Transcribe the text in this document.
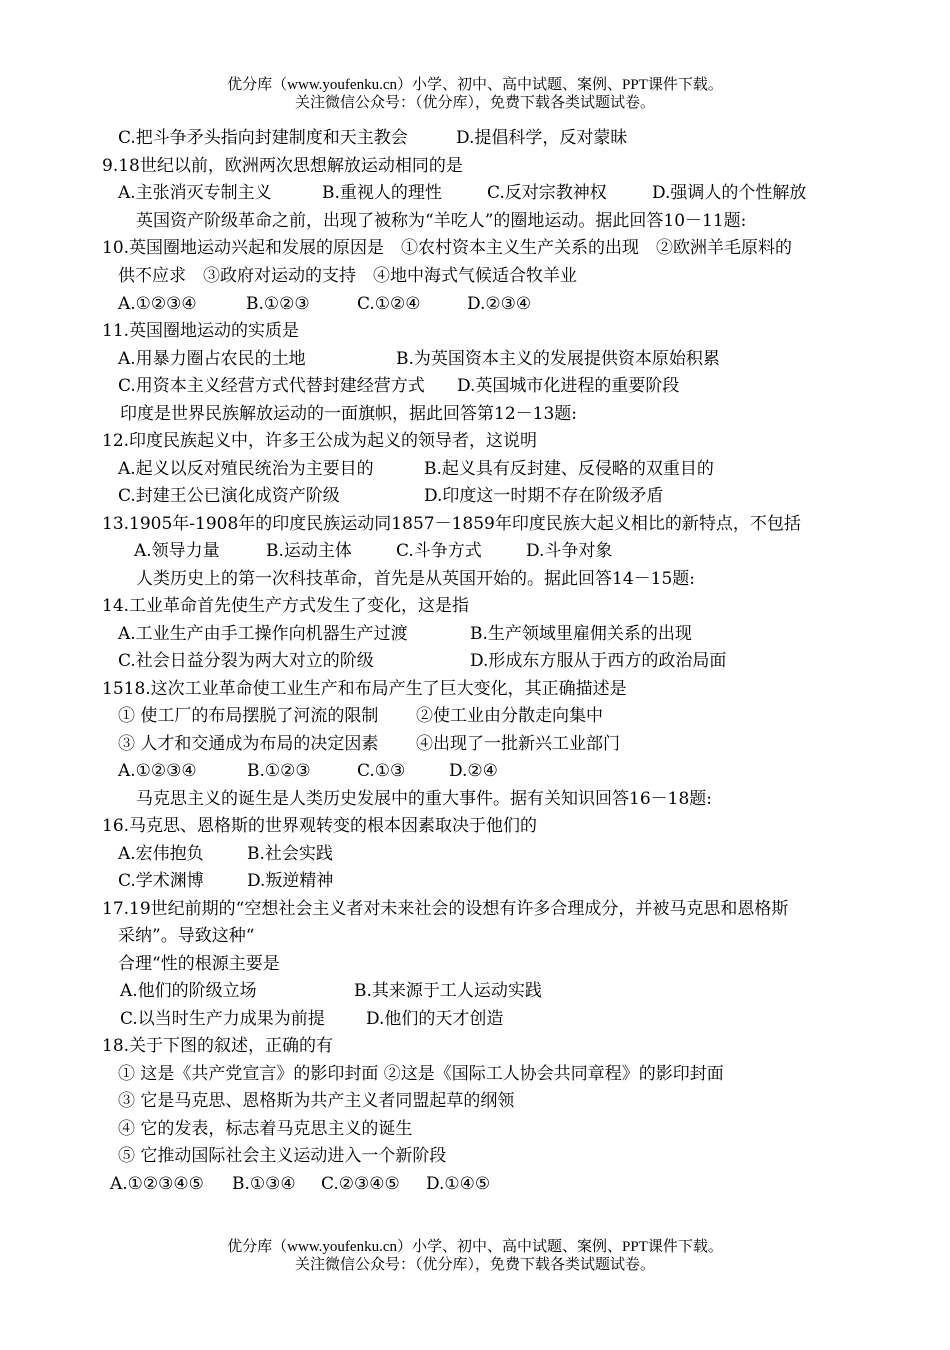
优分库（www.youfenku.cn）小学、初中、高中试题、案例、PPT课件下载。
关注微信公众号：（优分库），免费下载各类试题试卷。
C.把斗争矛头指向封建制度和天主教会	D.提倡科学，反对蒙昧
9.18世纪以前，欧洲两次思想解放运动相同的是
A.主张消灭专制主义	B.重视人的理性	C.反对宗教神权	D.强调人的个性解放
英国资产阶级革命之前，出现了被称为“羊吃人”的圈地运动。据此回答10－11题:
10.英国圈地运动兴起和发展的原因是　①农村资本主义生产关系的出现　②欧洲羊毛原料的
供不应求　③政府对运动的支持　④地中海式气候适合牧羊业
A.①②③④	B.①②③	C.①②④	D.②③④
11.英国圈地运动的实质是
A.用暴力圈占农民的土地	B.为英国资本主义的发展提供资本原始积累
C.用资本主义经营方式代替封建经营方式 D.英国城市化进程的重要阶段
印度是世界民族解放运动的一面旗帜，据此回答第12－13题:
12.印度民族起义中，许多王公成为起义的领导者，这说明
A.起义以反对殖民统治为主要目的	B.起义具有反封建、反侵略的双重目的
C.封建王公已演化成资产阶级	D.印度这一时期不存在阶级矛盾
13.1905年-1908年的印度民族运动同1857－1859年印度民族大起义相比的新特点，不包括
A.领导力量	B.运动主体	C.斗争方式	D.斗争对象
人类历史上的第一次科技革命，首先是从英国开始的。据此回答14－15题:
14.工业革命首先使生产方式发生了变化，这是指
A.工业生产由手工操作向机器生产过渡	B.生产领域里雇佣关系的出现
C.社会日益分裂为两大对立的阶级	D.形成东方服从于西方的政治局面
1518.这次工业革命使工业生产和布局产生了巨大变化，其正确描述是
① 使工厂的布局摆脱了河流的限制 ②使工业由分散走向集中
③ 人才和交通成为布局的决定因素 ④出现了一批新兴工业部门
A.①②③④	B.①②③	C.①③	D.②④
马克思主义的诞生是人类历史发展中的重大事件。据有关知识回答16－18题:
16.马克思、恩格斯的世界观转变的根本因素取决于他们的
A.宏伟抱负	B.社会实践
C.学术渊博	D.叛逆精神
17.19世纪前期的“空想社会主义者对未来社会的设想有许多合理成分，并被马克思和恩格斯
采纳”。导致这种“
合理“性的根源主要是
A.他们的阶级立场	B.其来源于工人运动实践
C.以当时生产力成果为前提 D.他们的天才创造
18.关于下图的叙述，正确的有
① 这是《共产党宣言》的影印封面 ②这是《国际工人协会共同章程》的影印封面
③ 它是马克思、恩格斯为共产主义者同盟起草的纲领
④ 它的发表，标志着马克思主义的诞生
⑤ 它推动国际社会主义运动进入一个新阶段
A.①②③④⑤ B.①③④ C.②③④⑤ D.①④⑤
优分库（www.youfenku.cn）小学、初中、高中试题、案例、PPT课件下载。
关注微信公众号：（优分库），免费下载各类试题试卷。
